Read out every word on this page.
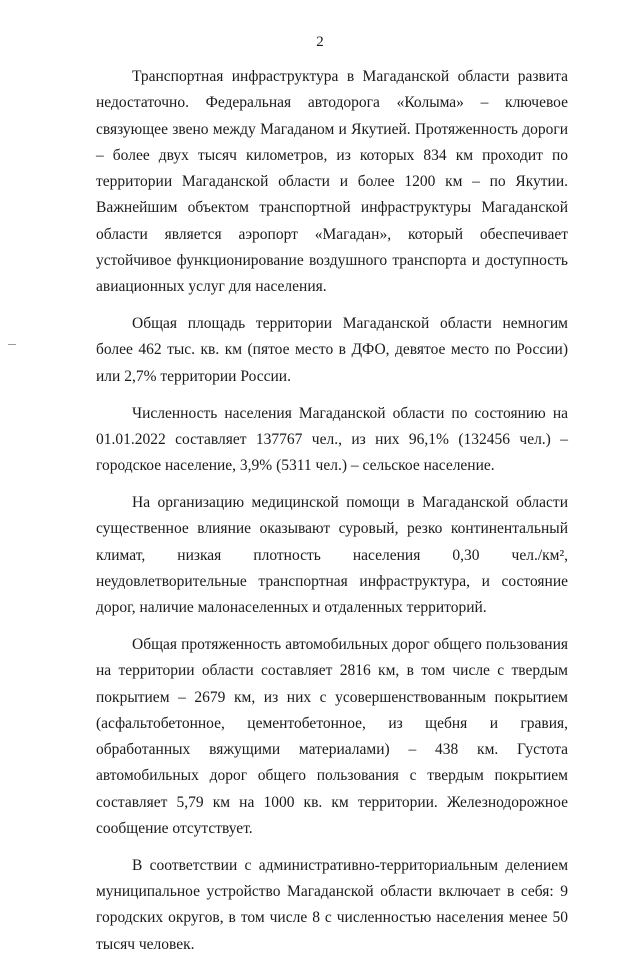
2

Транспортная инфраструктура в Магаданской области развита недостаточно. Федеральная автодорога «Колыма» – ключевое связующее звено между Магаданом и Якутией. Протяженность дороги – более двух тысяч километров, из которых 834 км проходит по территории Магаданской области и более 1200 км – по Якутии. Важнейшим объектом транспортной инфраструктуры Магаданской области является аэропорт «Магадан», который обеспечивает устойчивое функционирование воздушного транспорта и доступность авиационных услуг для населения.

Общая площадь территории Магаданской области немногим более 462 тыс. кв. км (пятое место в ДФО, девятое место по России) или 2,7% территории России.

Численность населения Магаданской области по состоянию на 01.01.2022 составляет 137767 чел., из них 96,1% (132456 чел.) – городское население, 3,9% (5311 чел.) – сельское население.

На организацию медицинской помощи в Магаданской области существенное влияние оказывают суровый, резко континентальный климат, низкая плотность населения 0,30 чел./км², неудовлетворительные транспортная инфраструктура, и состояние дорог, наличие малонаселенных и отдаленных территорий.

Общая протяженность автомобильных дорог общего пользования на территории области составляет 2816 км, в том числе с твердым покрытием – 2679 км, из них с усовершенствованным покрытием (асфальтобетонное, цементобетонное, из щебня и гравия, обработанных вяжущими материалами) – 438 км. Густота автомобильных дорог общего пользования с твердым покрытием составляет 5,79 км на 1000 кв. км территории. Железнодорожное сообщение отсутствует.

В соответствии с административно-территориальным делением муниципальное устройство Магаданской области включает в себя: 9 городских округов, в том числе 8 с численностью населения менее 50 тысяч человек.
